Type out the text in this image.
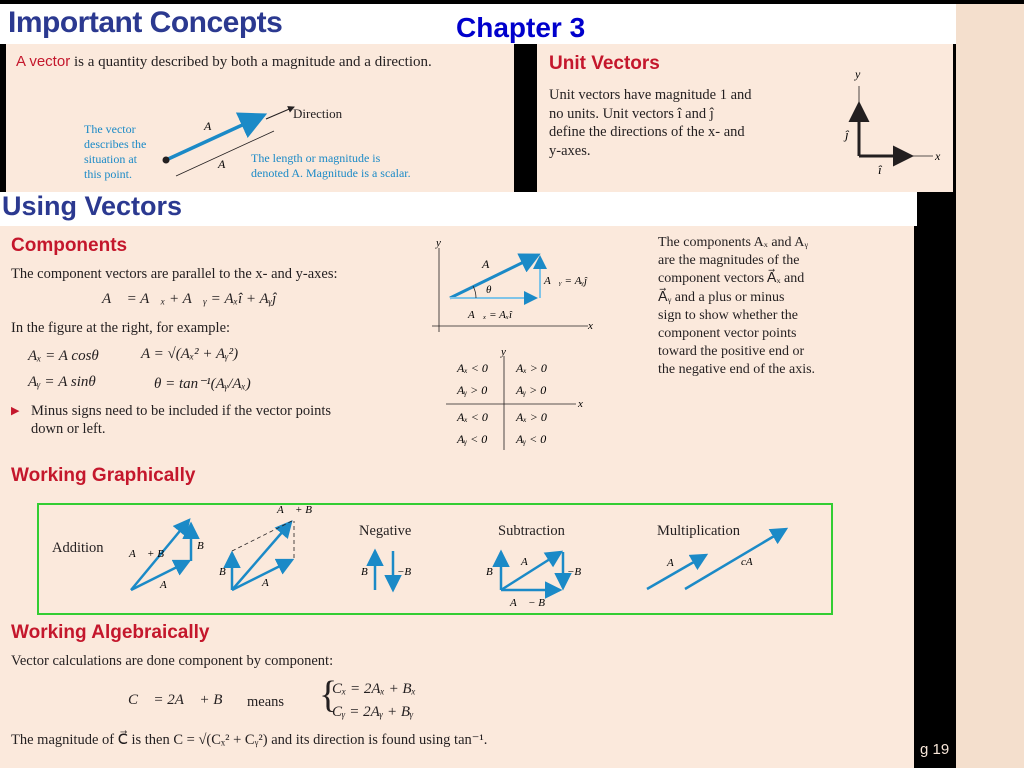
Important Concepts	Chapter 3
A vector is a quantity described by both a magnitude and a direction.
A
A
Direction
The vector
describes the
situation at
this point.
The length or magnitude is
denoted A. Magnitude is a scalar.
Unit Vectors
Unit vectors have magnitude 1 and
no units. Unit vectors î and ĵ
define the directions of the x- and
y-axes.
y
x
ĵ
î
Using Vectors
Components
The component vectors are parallel to the x- and y-axes:
A⃗ = A⃗ₓ + A⃗ᵧ = Aₓî + Aᵧĵ
In the figure at the right, for example:
Aₓ = A cosθ	A = √(Aₓ² + Aᵧ²)
Aᵧ = A sinθ	θ = tan⁻¹(Aᵧ/Aₓ)
▶ Minus signs need to be included if the vector points
down or left.
y
x
A⃗
θ
A⃗ᵧ = Aᵧĵ
A⃗ₓ = Aₓî
y
x
Aₓ < 0 Aₓ > 0
Aᵧ > 0 Aᵧ > 0
Aₓ < 0 Aₓ > 0
Aᵧ < 0 Aᵧ < 0
The components Aₓ and Aᵧ
are the magnitudes of the
component vectors A⃗ₓ and
A⃗ᵧ and a plus or minus
sign to show whether the
component vector points
toward the positive end or
the negative end of the axis.
Working Graphically
A⃗ + B⃗
B⃗
A⃗
A⃗ + B⃗
B⃗
A⃗
B⃗ −B⃗	B⃗
A⃗
−B⃗
A⃗ − B⃗
A⃗	cA⃗
Addition
Negative	Subtraction	Multiplication
Working Algebraically
Vector calculations are done component by component:
C⃗ = 2A⃗ + B⃗ means {
Cₓ = 2Aₓ + Bₓ
Cᵧ = 2Aᵧ + Bᵧ
The magnitude of C⃗ is then C = √(Cₓ² + Cᵧ²) and its direction is found using tan⁻¹.
g 19
